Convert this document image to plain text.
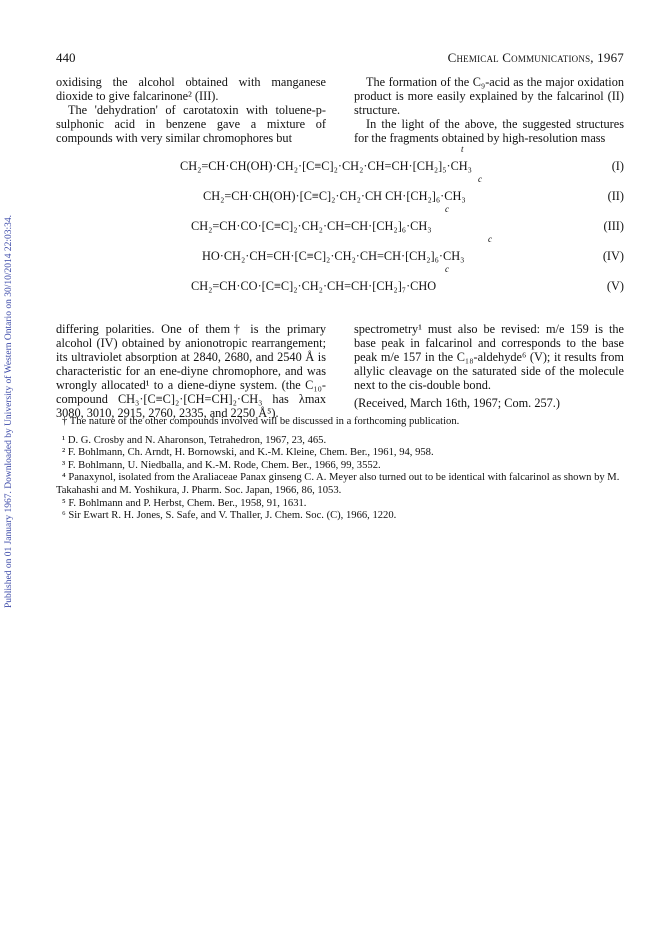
Published on 01 January 1967. Downloaded by University of Western Ontario on 30/10/2014 22:03:34.
440	Chemical Communications, 1967

oxidising the alcohol obtained with manganese dioxide to give falcarinone² (III).

The 'dehydration' of carotatoxin with toluene-p-sulphonic acid in benzene gave a mixture of compounds with very similar chromophores but

The formation of the C₉-acid as the major oxidation product is more easily explained by the falcarinol (II) structure.

In the light of the above, the suggested structures for the fragments obtained by high-resolution mass

t
CH₂=CH·CH(OH)·CH₂·[C≡C]₂·CH₂·CH=CH·[CH₂]₅·CH₃	(I)
c
CH₂=CH·CH(OH)·[C≡C]₂·CH₂·CH CH·[CH₂]₆·CH₃	(II)
c
CH₂=CH·CO·[C≡C]₂·CH₂·CH=CH·[CH₂]₆·CH₃	(III)
c
HO·CH₂·CH=CH·[C≡C]₂·CH₂·CH=CH·[CH₂]₆·CH₃	(IV)
c
CH₂=CH·CO·[C≡C]₂·CH₂·CH=CH·[CH₂]₇·CHO	(V)

differing polarities. One of them† is the primary alcohol (IV) obtained by anionotropic rearrangement; its ultraviolet absorption at 2840, 2680, and 2540 Å is characteristic for an ene-diyne chromophore, and was wrongly allocated¹ to a diene-diyne system. (the C₁₀-compound CH₃·[C≡C]₂·[CH=CH]₂·CH₃ has λmax 3080, 3010, 2915, 2760, 2335, and 2250 Å⁵).

spectrometry¹ must also be revised: m/e 159 is the base peak in falcarinol and corresponds to the base peak m/e 157 in the C₁₈-aldehyde⁶ (V); it results from allylic cleavage on the saturated side of the molecule next to the cis-double bond.

(Received, March 16th, 1967; Com. 257.)

† The nature of the other compounds involved will be discussed in a forthcoming publication.

¹ D. G. Crosby and N. Aharonson, Tetrahedron, 1967, 23, 465.

² F. Bohlmann, Ch. Arndt, H. Bornowski, and K.-M. Kleine, Chem. Ber., 1961, 94, 958.

³ F. Bohlmann, U. Niedballa, and K.-M. Rode, Chem. Ber., 1966, 99, 3552.

⁴ Panaxynol, isolated from the Araliaceae Panax ginseng C. A. Meyer also turned out to be identical with falcarinol as shown by M. Takahashi and M. Yoshikura, J. Pharm. Soc. Japan, 1966, 86, 1053.

⁵ F. Bohlmann and P. Herbst, Chem. Ber., 1958, 91, 1631.

⁶ Sir Ewart R. H. Jones, S. Safe, and V. Thaller, J. Chem. Soc. (C), 1966, 1220.
